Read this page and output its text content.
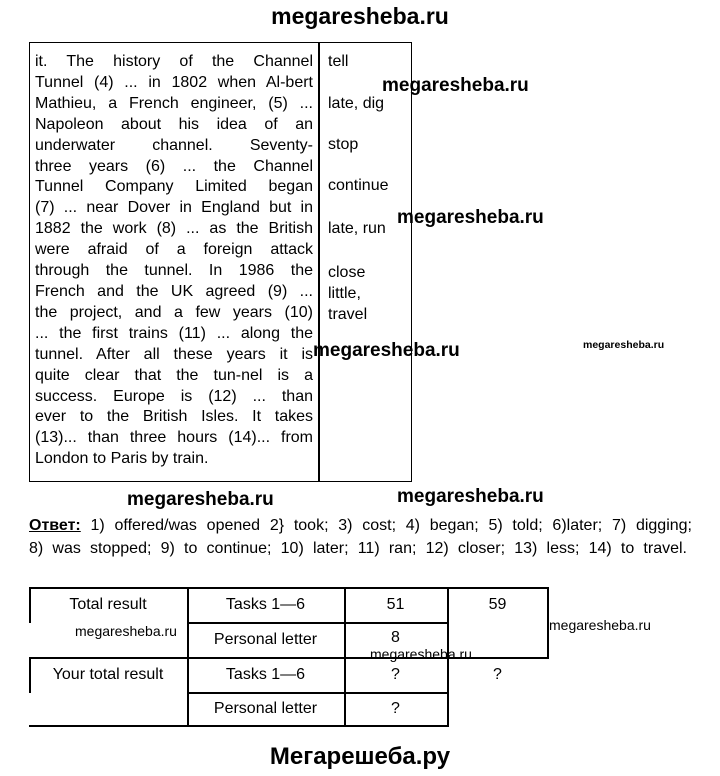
megaresheba.ru
it. The history of the Channel
Tunnel (4) ... in 1802 when Al-bert
Mathieu, a French engineer, (5) ...
Napoleon about his idea of an
underwater channel. Seventy-
three years (6) ... the Channel
Tunnel Company Limited began
(7) ... near Dover in England but in
1882 the work (8) ... as the British
were afraid of a foreign attack
through the tunnel. In 1986 the
French and the UK agreed (9) ...
the project, and a few years (10)
... the first trains (11) ... along the
tunnel. After all these years it is
quite clear that the tun-nel is a
success. Europe is (12) ... than
ever to the British Isles. It takes
(13)... than three hours (14)... from
London to Paris by train.
tell
late, dig
stop
continue
late, run
close
little,
travel
megaresheba.ru
megaresheba.ru
megaresheba.ru	megaresheba.ru
megaresheba.ru	megaresheba.ru
Ответ: 1) offered/was opened 2} took; 3) cost; 4) began; 5) told; 6)later; 7) digging;
8) was stopped; 9) to continue; 10) later; 11) ran; 12) closer; 13) less; 14) to travel.
Total result	Tasks 1—6	51	59
Personal letter	8
Your total result	Tasks 1—6	?	?
Personal letter	?
megaresheba.ru
megaresheba.ru
megaresheba.ru
Мегарешеба.ру
